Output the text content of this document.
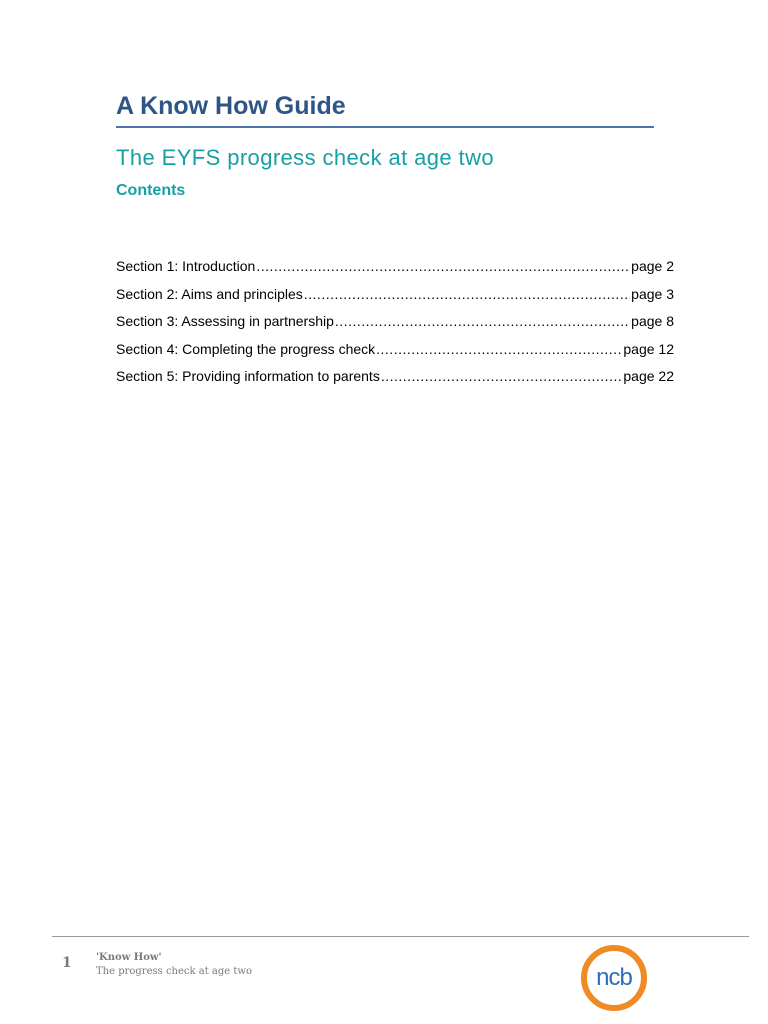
A Know How Guide
The EYFS progress check at age two
Contents
Section 1: Introduction .....	page 2
Section 2: Aims and principles .....	page 3
Section 3: Assessing in partnership .....	page 8
Section 4: Completing the progress check .....	page 12
Section 5: Providing information to parents .....	page 22
1 'Know How'
The progress check at age two	ncb
